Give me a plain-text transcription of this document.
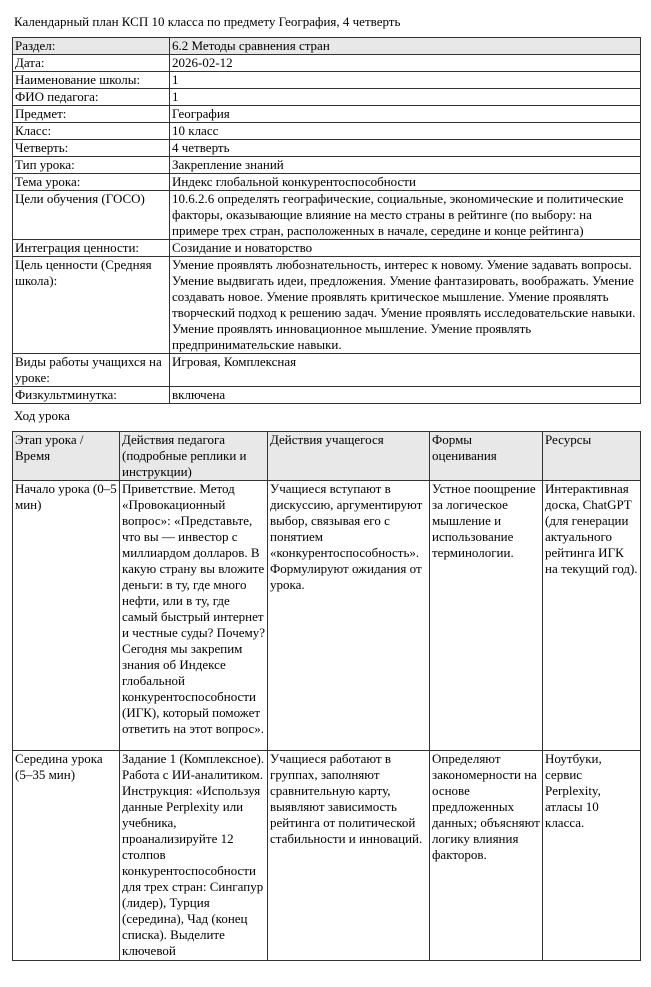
Календарный план КСП 10 класса по предмету География, 4 четверть
Раздел:	6.2 Методы сравнения стран
Дата:	2026-02-12
Наименование школы:	1
ФИО педагога:	1
Предмет:	География
Класс:	10 класс
Четверть:	4 четверть
Тип урока:	Закрепление знаний
Тема урока:	Индекс глобальной конкурентоспособности
Цели обучения (ГОСО)	10.6.2.6 определять географические, социальные, экономические и политические факторы, оказывающие влияние на место страны в рейтинге (по выбору: на примере трех стран, расположенных в начале, середине и конце рейтинга)
Интеграция ценности:	Созидание и новаторство
Цель ценности (Средняя школа):	Умение проявлять любознательность, интерес к новому. Умение задавать вопросы. Умение выдвигать идеи, предложения. Умение фантазировать, воображать. Умение создавать новое. Умение проявлять критическое мышление. Умение проявлять творческий подход к решению задач. Умение проявлять исследовательские навыки. Умение проявлять инновационное мышление. Умение проявлять предпринимательские навыки.
Виды работы учащихся на уроке:	Игровая, Комплексная
Физкультминутка:	включена
Ход урока
Этап урока / Время	Действия педагога (подробные реплики и инструкции)	Действия учащегося	Формы оценивания	Ресурсы
Начало урока (0–5 мин)	Приветствие. Метод «Провокационный вопрос»: «Представьте, что вы — инвестор с миллиардом долларов. В какую страну вы вложите деньги: в ту, где много нефти, или в ту, где самый быстрый интернет и честные суды? Почему? Сегодня мы закрепим знания об Индексе глобальной конкурентоспособности (ИГК), который поможет ответить на этот вопрос».	Учащиеся вступают в дискуссию, аргументируют выбор, связывая его с понятием «конкурентоспособность». Формулируют ожидания от урока.	Устное поощрение за логическое мышление и использование терминологии.	Интерактивная доска, ChatGPT (для генерации актуального рейтинга ИГК на текущий год).
Середина урока (5–35 мин)	Задание 1 (Комплексное). Работа с ИИ-аналитиком. Инструкция: «Используя данные Perplexity или учебника, проанализируйте 12 столпов конкурентоспособности для трех стран: Сингапур (лидер), Турция (середина), Чад (конец списка). Выделите ключевой	Учащиеся работают в группах, заполняют сравнительную карту, выявляют зависимость рейтинга от политической стабильности и инноваций.	Определяют закономерности на основе предложенных данных; объясняют логику влияния факторов.	Ноутбуки, сервис Perplexity, атласы 10 класса.
